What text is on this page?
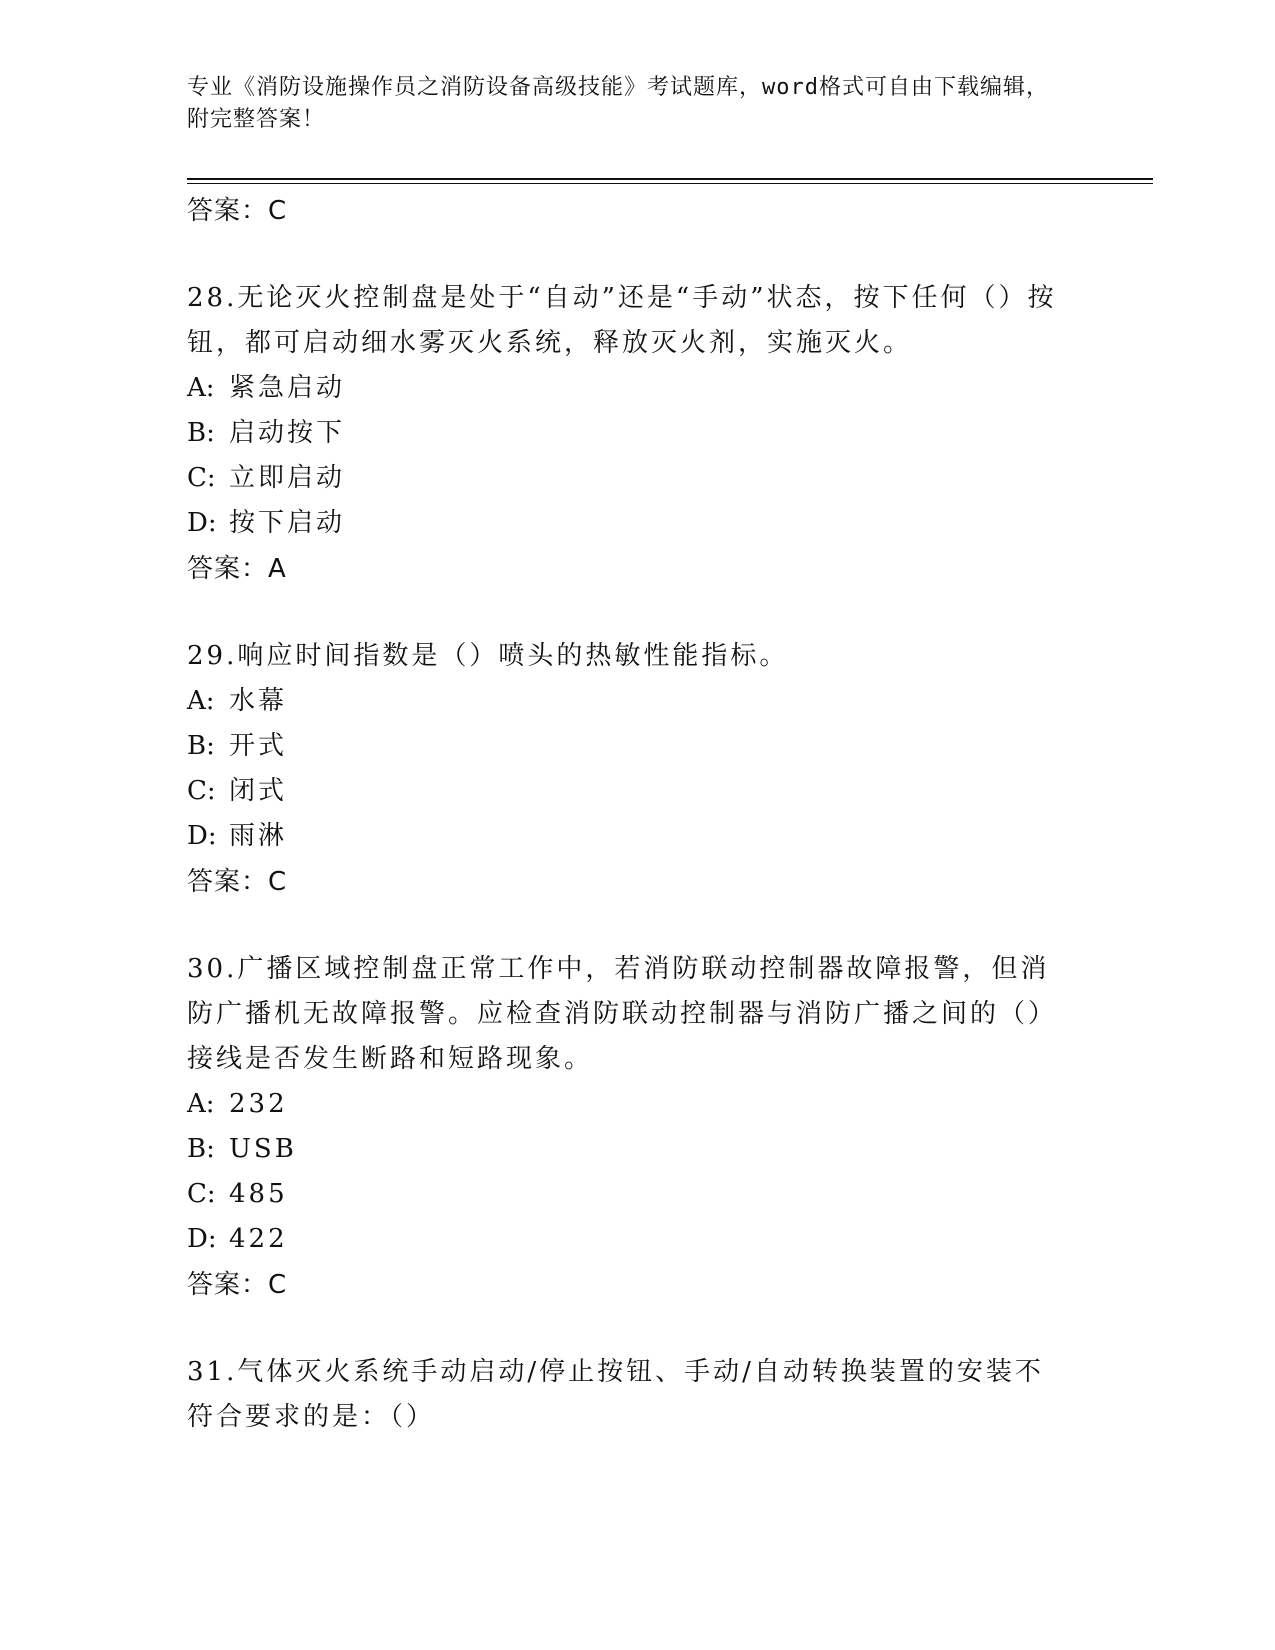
专业《消防设施操作员之消防设备高级技能》考试题库，word格式可自由下载编辑，附完整答案！
答案：C
28.无论灭火控制盘是处于“自动”还是“手动”状态，按下任何（）按钮，都可启动细水雾灭火系统，释放灭火剂，实施灭火。
A: 紧急启动
B: 启动按下
C: 立即启动
D: 按下启动
答案：A
29.响应时间指数是（）喷头的热敏性能指标。
A: 水幕
B: 开式
C: 闭式
D: 雨淋
答案：C
30.广播区域控制盘正常工作中，若消防联动控制器故障报警，但消防广播机无故障报警。应检查消防联动控制器与消防广播之间的（）接线是否发生断路和短路现象。
A: 232
B: USB
C: 485
D: 422
答案：C
31.气体灭火系统手动启动/停止按钮、手动/自动转换装置的安装不符合要求的是：（）
